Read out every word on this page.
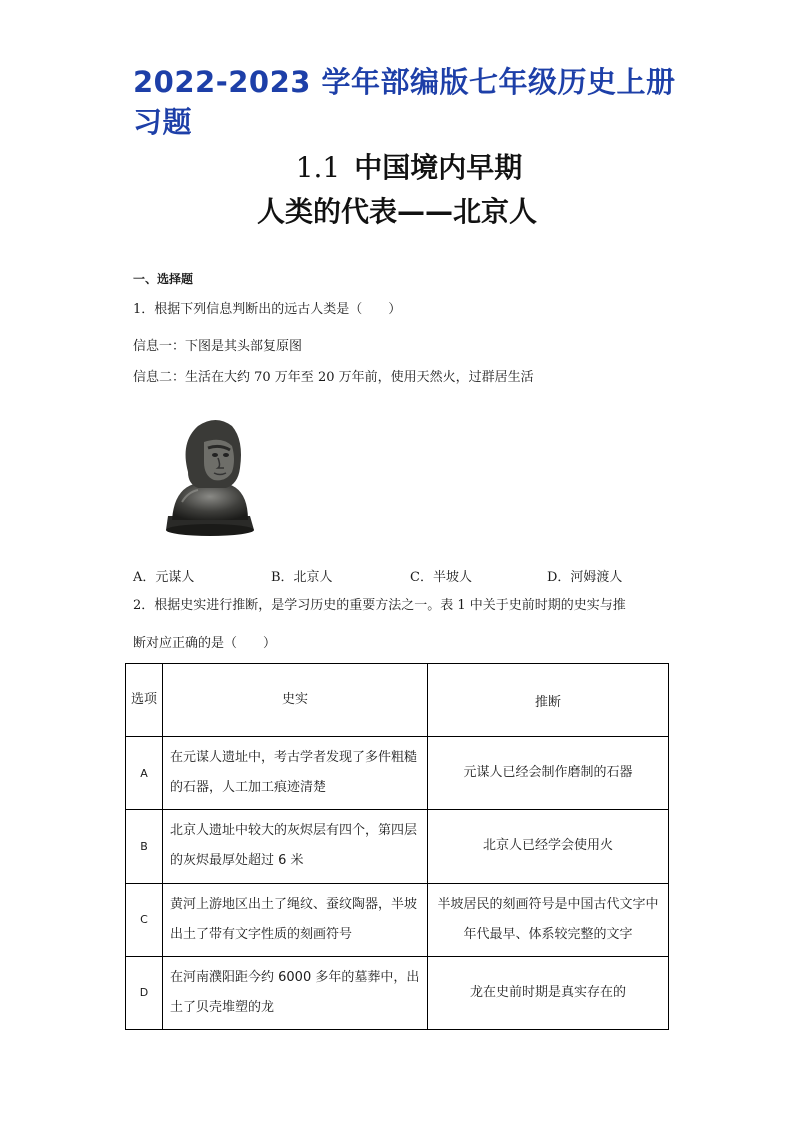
2022-2023 学年部编版七年级历史上册习题
1.1 中国境内早期
人类的代表——北京人
一、选择题
1．根据下列信息判断出的远古人类是（　　）
信息一：下图是其头部复原图
信息二：生活在大约 70 万年至 20 万年前，使用天然火，过群居生活
A．元谋人	B．北京人	C．半坡人	D．河姆渡人
2．根据史实进行推断，是学习历史的重要方法之一。表 1 中关于史前时期的史实与推
断对应正确的是（　　）
选项	史实	推断
A	在元谋人遗址中，考古学者发现了多件粗糙的石器，人工加工痕迹清楚	元谋人已经会制作磨制的石器
B	北京人遗址中较大的灰烬层有四个，第四层的灰烬最厚处超过 6 米	北京人已经学会使用火
C	黄河上游地区出土了绳纹、蚕纹陶器，半坡出土了带有文字性质的刻画符号	半坡居民的刻画符号是中国古代文字中年代最早、体系较完整的文字
D	在河南濮阳距今约 6000 多年的墓葬中，出土了贝壳堆塑的龙	龙在史前时期是真实存在的
